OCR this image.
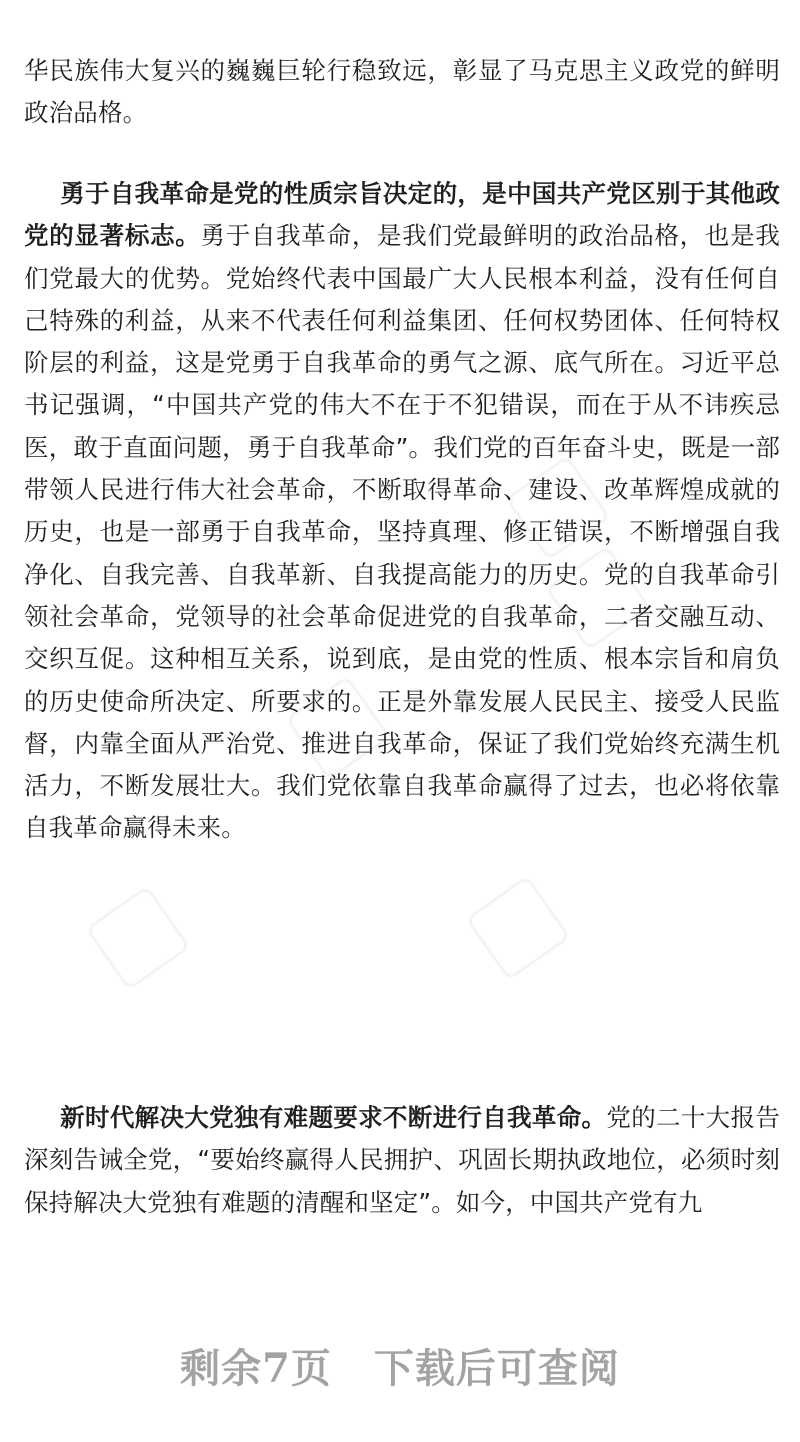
华民族伟大复兴的巍巍巨轮行稳致远，彰显了马克思主义政党的鲜明政治品格。

勇于自我革命是党的性质宗旨决定的，是中国共产党区别于其他政党的显著标志。勇于自我革命，是我们党最鲜明的政治品格，也是我们党最大的优势。党始终代表中国最广大人民根本利益，没有任何自己特殊的利益，从来不代表任何利益集团、任何权势团体、任何特权阶层的利益，这是党勇于自我革命的勇气之源、底气所在。习近平总书记强调，“中国共产党的伟大不在于不犯错误，而在于从不讳疾忌医，敢于直面问题，勇于自我革命”。我们党的百年奋斗史，既是一部带领人民进行伟大社会革命，不断取得革命、建设、改革辉煌成就的历史，也是一部勇于自我革命，坚持真理、修正错误，不断增强自我净化、自我完善、自我革新、自我提高能力的历史。党的自我革命引领社会革命，党领导的社会革命促进党的自我革命，二者交融互动、交织互促。这种相互关系，说到底，是由党的性质、根本宗旨和肩负的历史使命所决定、所要求的。正是外靠发展人民民主、接受人民监督，内靠全面从严治党、推进自我革命，保证了我们党始终充满生机活力，不断发展壮大。我们党依靠自我革命赢得了过去，也必将依靠自我革命赢得未来。

新时代解决大党独有难题要求不断进行自我革命。党的二十大报告深刻告诫全党，“要始终赢得人民拥护、巩固长期执政地位，必须时刻保持解决大党独有难题的清醒和坚定”。如今，中国共产党有九

剩余7页 下载后可查阅
